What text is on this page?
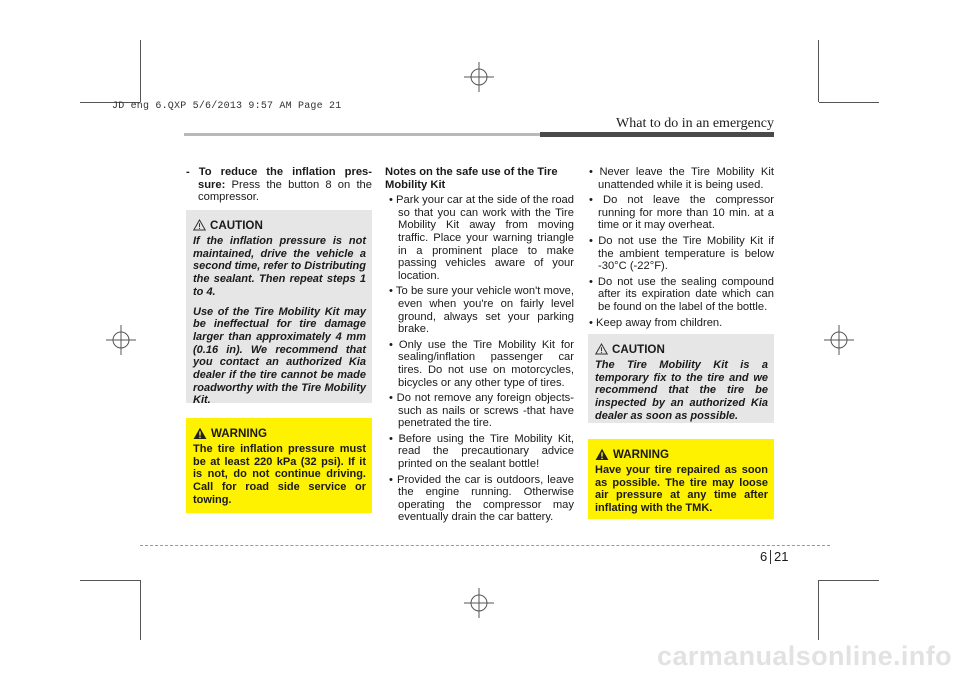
JD eng 6.QXP 5/6/2013 9:57 AM Page 21
What to do in an emergency

- To reduce the inflation pres- sure: Press the button 8 on the compressor.

CAUTION

If the inflation pressure is not maintained, drive the vehicle a second time, refer to Distributing the sealant. Then repeat steps 1 to 4.

Use of the Tire Mobility Kit may be ineffectual for tire damage larger than approximately 4 mm (0.16 in). We recommend that you contact an authorized Kia dealer if the tire cannot be made roadworthy with the Tire Mobility Kit.

WARNING
The tire inflation pressure must be at least 220 kPa (32 psi). If it is not, do not continue driving. Call for road side service or towing.

Notes on the safe use of the Tire Mobility Kit

• Park your car at the side of the road so that you can work with the Tire Mobility Kit away from moving traffic. Place your warning triangle in a prominent place to make passing vehicles aware of your location.

• To be sure your vehicle won't move, even when you're on fairly level ground, always set your parking brake.

• Only use the Tire Mobility Kit for sealing/inflation passenger car tires. Do not use on motorcycles, bicycles or any other type of tires.

• Do not remove any foreign objects- such as nails or screws -that have penetrated the tire.

• Before using the Tire Mobility Kit, read the precautionary advice printed on the sealant bottle!

• Provided the car is outdoors, leave the engine running. Otherwise operating the compressor may eventually drain the car battery.

• Never leave the Tire Mobility Kit unattended while it is being used.

• Do not leave the compressor running for more than 10 min. at a time or it may overheat.

• Do not use the Tire Mobility Kit if the ambient temperature is below -30°C (-22°F).

• Do not use the sealing compound after its expiration date which can be found on the label of the bottle.

• Keep away from children.

CAUTION
The Tire Mobility Kit is a temporary fix to the tire and we recommend that the tire be inspected by an authorized Kia dealer as soon as possible.
WARNING
Have your tire repaired as soon as possible. The tire may loose air pressure at any time after inflating with the TMK.
6 21
carmanualsonline.info
